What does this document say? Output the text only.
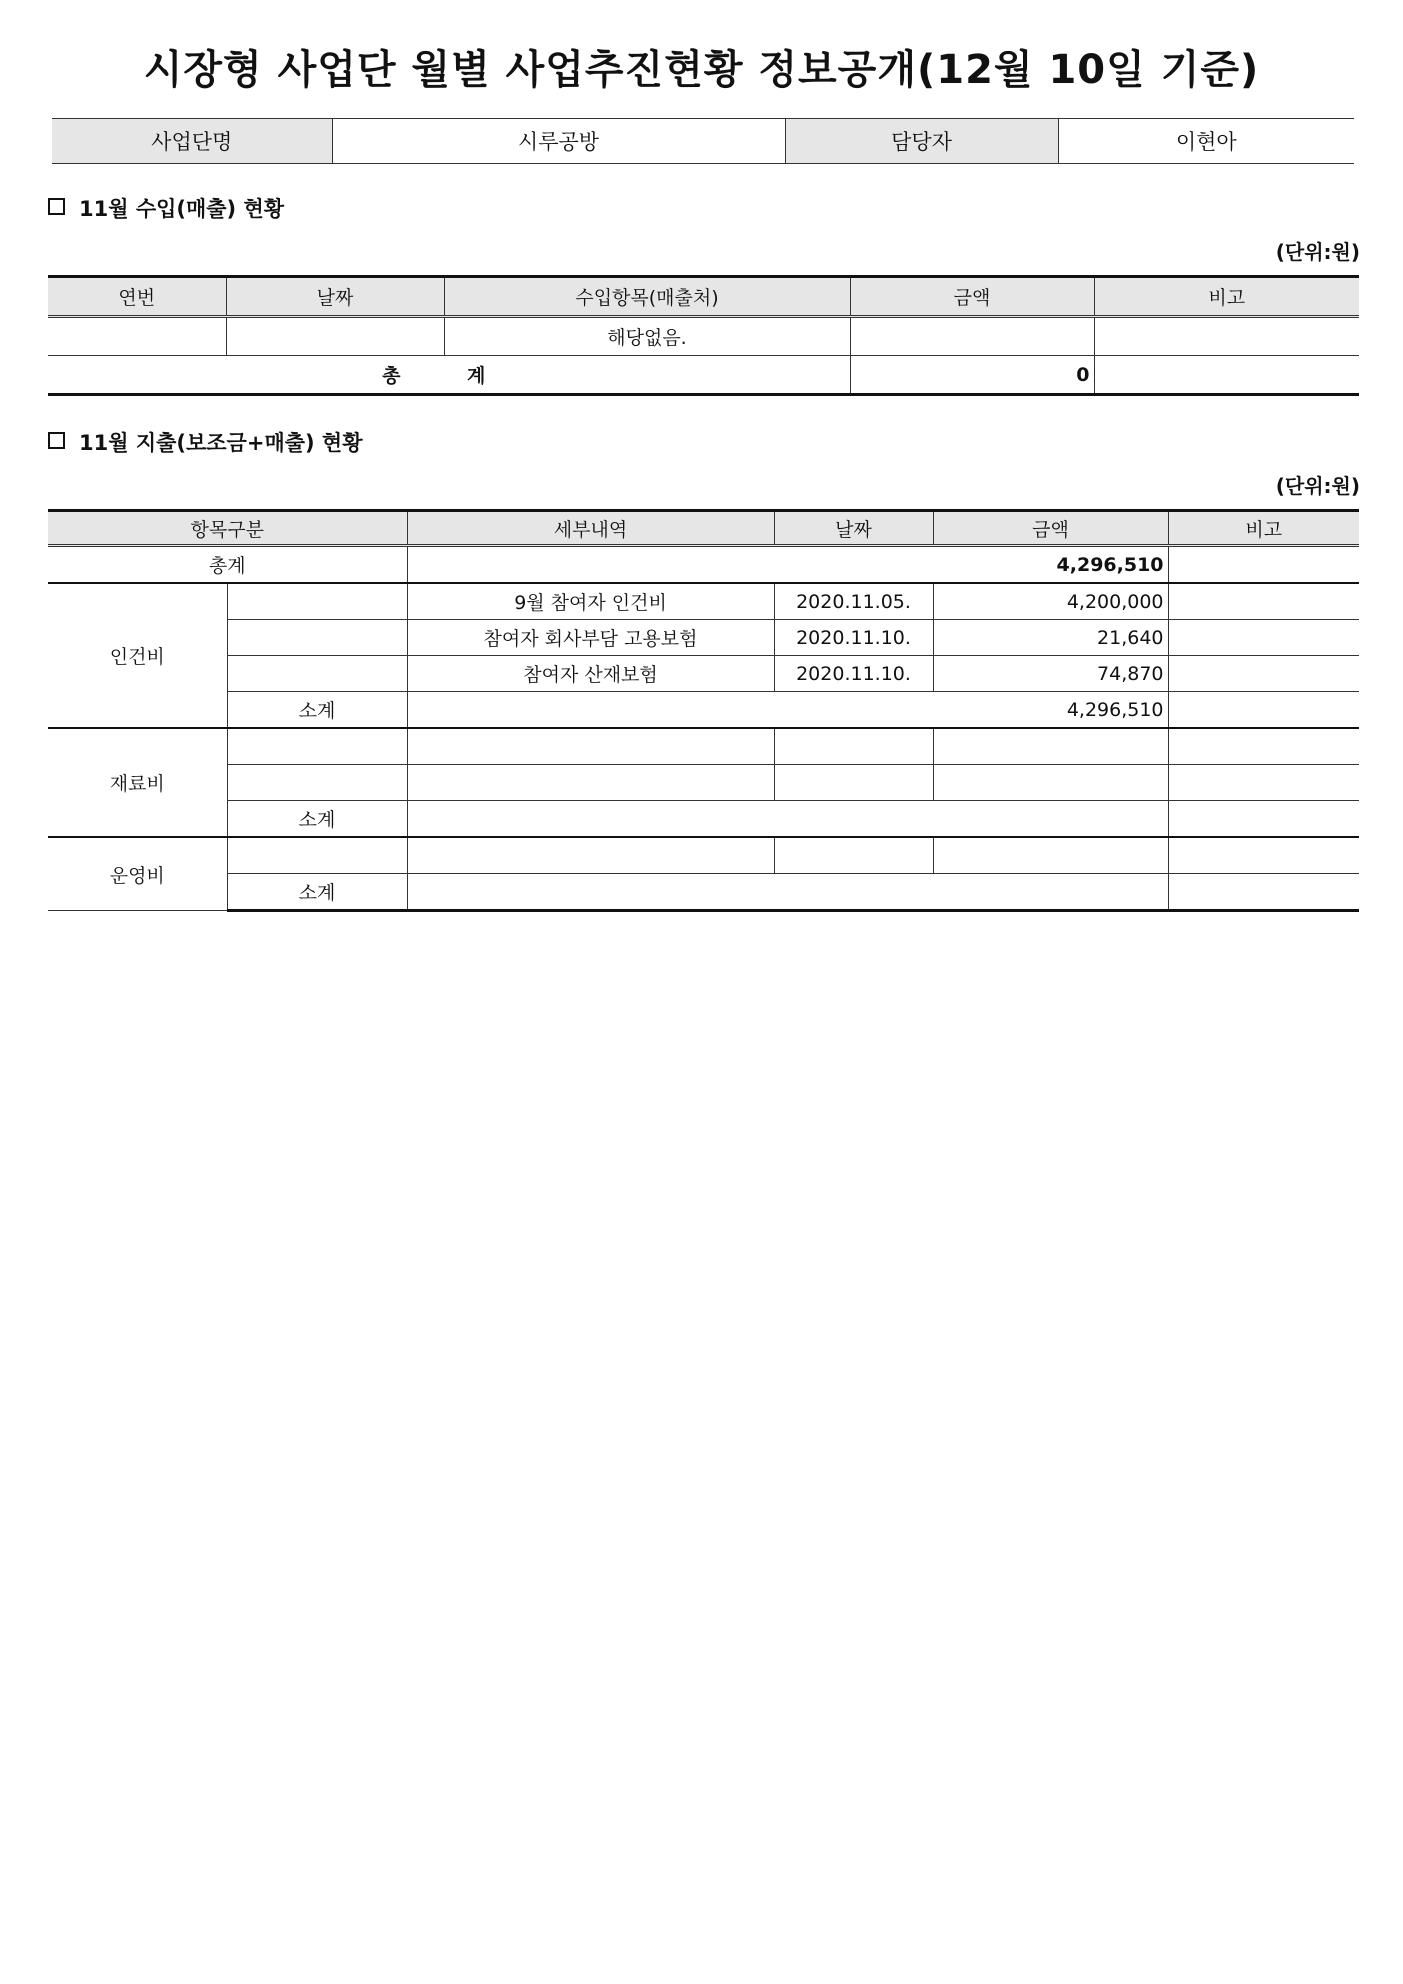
시장형 사업단 월별 사업추진현황 정보공개(12월 10일 기준)
사업단명	시루공방	담당자	이현아
11월 수입(매출) 현황
(단위:원)
연번	날짜	수입항목(매출처)	금액	비고
		해당없음.		
총 계			0	
11월 지출(보조금+매출) 현황
(단위:원)
항목구분		세부내역	날짜	금액	비고
총계		4,296,510			
인건비		9월 참여자 인건비	2020.11.05.	4,200,000	
		참여자 회사부담 고용보험	2020.11.10.	21,640	
		참여자 산재보험	2020.11.10.	74,870	
	소계	4,296,510			
재료비					

	소계				
운영비					
	소계				
